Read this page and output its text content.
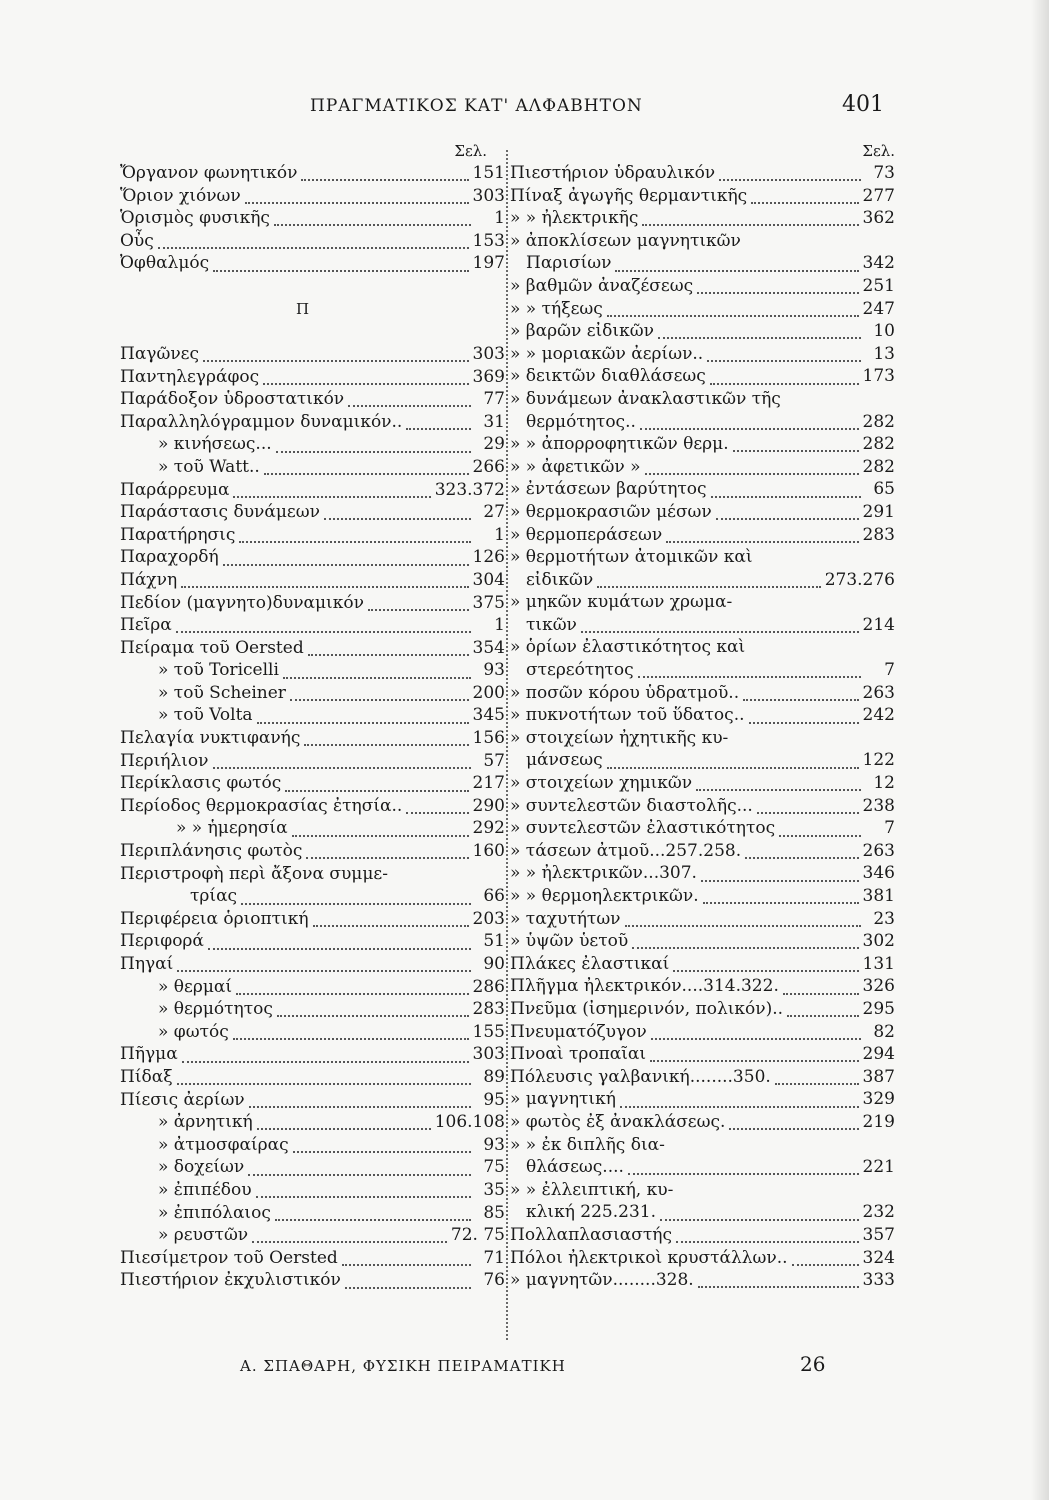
ΠΡΑΓΜΑΤΙΚΟΣ ΚΑΤ' ΑΛΦΑΒΗΤΟΝ	401
Σελ.
Ὄργανον φωνητικόν	151
Ὅριον χιόνων	303
Ὁρισμὸς φυσικῆς	1
Οὖς	153
Ὀφθαλμός	197
Π
Παγῶνες	303
Παντηλεγράφος	369
Παράδοξον ὑδροστατικόν	77
Παραλληλόγραμμον δυναμικόν..	31
» κινήσεως...	29
» τοῦ Watt..	266
Παράρρευμα	323.372
Παράστασις δυνάμεων	27
Παρατήρησις	1
Παραχορδή	126
Πάχνη	304
Πεδίον (μαγνητο)δυναμικόν	375
Πεῖρα	1
Πείραμα τοῦ Oersted	354
» τοῦ Toricelli	93
» τοῦ Scheiner	200
» τοῦ Volta	345
Πελαγία νυκτιφανής	156
Περιήλιον	57
Περίκλασις φωτός	217
Περίοδος θερμοκρασίας ἐτησία..	290
» » ἡμερησία	292
Περιπλάνησις φωτὸς	160
Περιστροφὴ περὶ ἄξονα συμμε-
τρίας	66
Περιφέρεια ὁριοπτική	203
Περιφορά	51
Πηγαί	90
» θερμαί	286
» θερμότητος	283
» φωτός	155
Πῆγμα	303
Πίδαξ	89
Πίεσις ἀερίων	95
» ἀρνητική	106.108
» ἀτμοσφαίρας	93
» δοχείων	75
» ἐπιπέδου	35
» ἐπιπόλαιος	85
» ρευστῶν	72. 75
Πιεσίμετρον τοῦ Oersted	71
Πιεστήριον ἐκχυλιστικόν	76
Σελ.
Πιεστήριον ὑδραυλικόν	73
Πίναξ ἀγωγῆς θερμαντικῆς	277
» » ἠλεκτρικῆς	362
» ἀποκλίσεων μαγνητικῶν
Παρισίων	342
» βαθμῶν ἀναζέσεως	251
» » τήξεως	247
» βαρῶν εἰδικῶν	10
» » μοριακῶν ἀερίων..	13
» δεικτῶν διαθλάσεως	173
» δυνάμεων ἀνακλαστικῶν τῆς
θερμότητος..	282
» » ἀπορροφητικῶν θερμ.	282
» » ἀφετικῶν »	282
» ἐντάσεων βαρύτητος	65
» θερμοκρασιῶν μέσων	291
» θερμοπεράσεων	283
» θερμοτήτων ἀτομικῶν καὶ
εἰδικῶν	273.276
» μηκῶν κυμάτων χρωμα-
τικῶν	214
» ὁρίων ἐλαστικότητος καὶ
στερεότητος	7
» ποσῶν κόρου ὑδρατμοῦ..	263
» πυκνοτήτων τοῦ ὕδατος..	242
» στοιχείων ἠχητικῆς κυ-
μάνσεως	122
» στοιχείων χημικῶν	12
» συντελεστῶν διαστολῆς...	238
» συντελεστῶν ἐλαστικότητος	7
» τάσεων ἀτμοῦ...257.258.	263
» » ἠλεκτρικῶν...307.	346
» » θερμοηλεκτρικῶν.	381
» ταχυτήτων	23
» ὑψῶν ὑετοῦ	302
Πλάκες ἐλαστικαί	131
Πλῆγμα ἠλεκτρικόν....314.322.	326
Πνεῦμα (ἰσημερινόν, πολικόν)..	295
Πνευματόζυγον	82
Πνοαὶ τροπαῖαι	294
Πόλευσις γαλβανική........350.	387
» μαγνητική	329
» φωτὸς ἐξ ἀνακλάσεως.	219
» » ἐκ διπλῆς δια-
θλάσεως....	221
» » ἐλλειπτική, κυ-
κλική 225.231.	232
Πολλαπλασιαστής	357
Πόλοι ἠλεκτρικοὶ κρυστάλλων..	324
» μαγνητῶν........328.	333
Α. ΣΠΑΘΑΡΗ, ΦΥΣΙΚΗ ΠΕΙΡΑΜΑΤΙΚΗ	26
